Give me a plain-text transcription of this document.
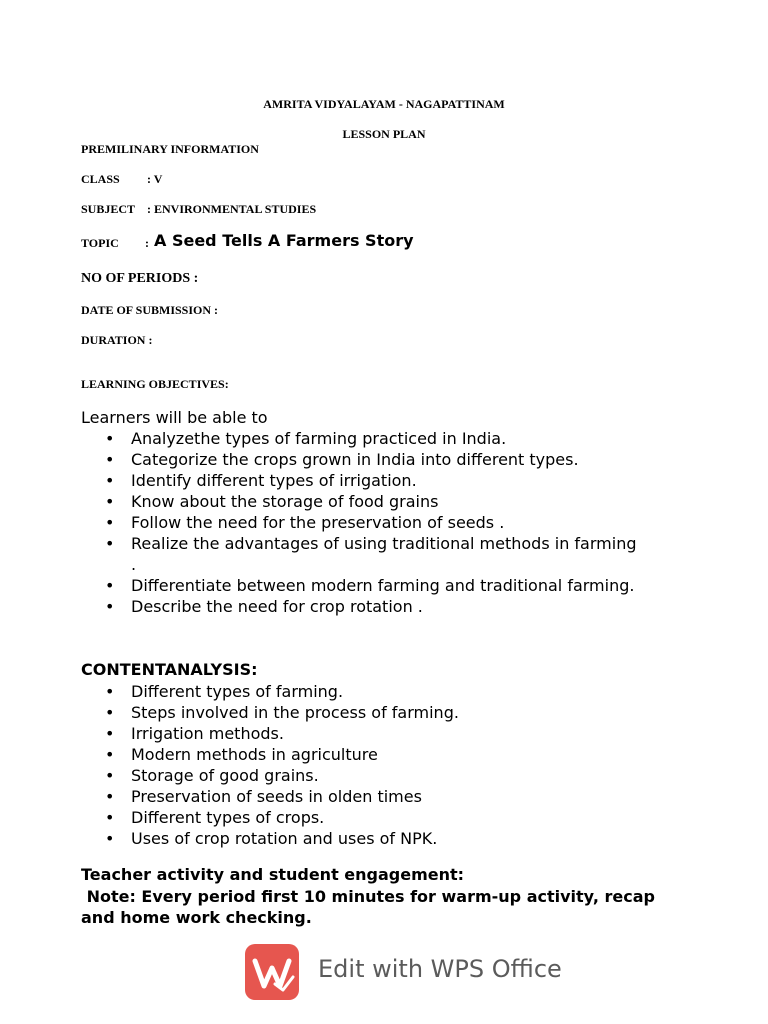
AMRITA VIDYALAYAM - NAGAPATTINAM
LESSON PLAN
PREMILINARY INFORMATION
CLASS : V
SUBJECT : ENVIRONMENTAL STUDIES
TOPIC : A Seed Tells A Farmers Story
NO OF PERIODS :
DATE OF SUBMISSION :
DURATION :
LEARNING OBJECTIVES:
Learners will be able to
• Analyzethe types of farming practiced in India.
• Categorize the crops grown in India into different types.
• Identify different types of irrigation.
• Know about the storage of food grains
• Follow the need for the preservation of seeds .
• Realize the advantages of using traditional methods in farming .
• Differentiate between modern farming and traditional farming.
• Describe the need for crop rotation .
CONTENTANALYSIS:
• Different types of farming.
• Steps involved in the process of farming.
• Irrigation methods.
• Modern methods in agriculture
• Storage of good grains.
• Preservation of seeds in olden times
• Different types of crops.
• Uses of crop rotation and uses of NPK.
Teacher activity and student engagement:
Note: Every period first 10 minutes for warm-up activity, recap and home work checking.
Edit with WPS Office
